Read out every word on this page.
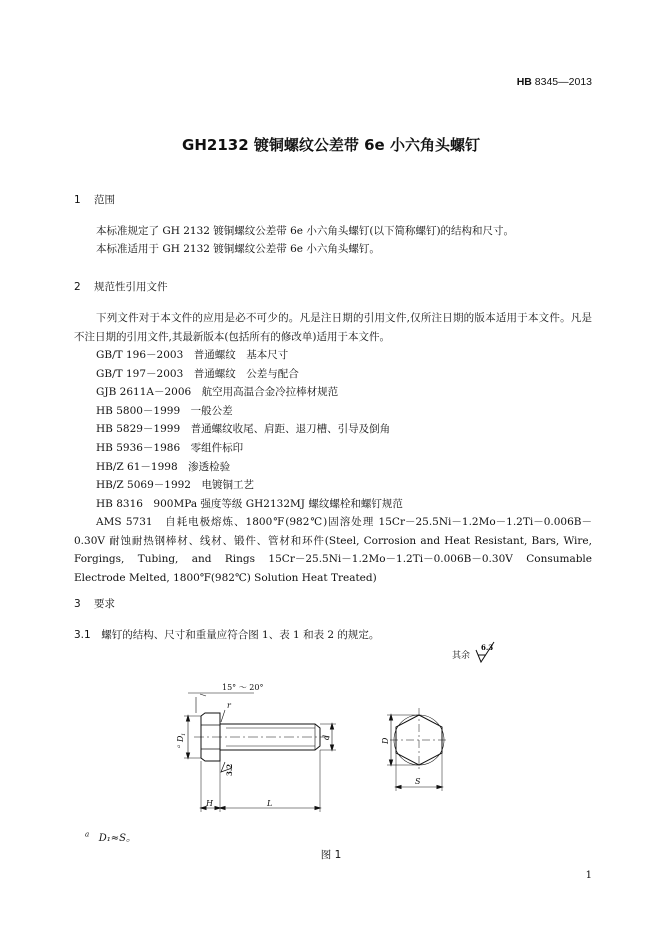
HB 8345—2013
GH2132 镀铜螺纹公差带 6e 小六角头螺钉
1 范围
本标准规定了 GH 2132 镀铜螺纹公差带 6e 小六角头螺钉(以下简称螺钉)的结构和尺寸。
本标准适用于 GH 2132 镀铜螺纹公差带 6e 小六角头螺钉。
2 规范性引用文件
下列文件对于本文件的应用是必不可少的。凡是注日期的引用文件,仅所注日期的版本适用于本文件。凡是不注日期的引用文件,其最新版本(包括所有的修改单)适用于本文件。
GB/T 196－2003　普通螺纹　基本尺寸
GB/T 197－2003　普通螺纹　公差与配合
GJB 2611A－2006　航空用高温合金冷拉棒材规范
HB 5800－1999　一般公差
HB 5829－1999　普通螺纹收尾、肩距、退刀槽、引导及倒角
HB 5936－1986　零组件标印
HB/Z 61－1998　渗透检验
HB/Z 5069－1992　电镀铜工艺
HB 8316　900MPa 强度等级 GH2132MJ 螺纹螺栓和螺钉规范
AMS 5731　自耗电极熔炼、1800℉(982℃)固溶处理 15Cr－25.5Ni－1.2Mo－1.2Ti－0.006B－0.30V 耐蚀耐热钢棒材、线材、锻件、管材和环件(Steel, Corrosion and Heat Resistant, Bars, Wire, Forgings, Tubing, and Rings 15Cr－25.5Ni－1.2Mo－1.2Ti－0.006B－0.30V Consumable Electrode Melted, 1800℉(982℃) Solution Heat Treated)
3 要求
3.1　 螺钉的结构、尺寸和重量应符合图 1、表 1 和表 2 的规定。
其余
6.3
15° ～ 20°
r
D
a
1
d
3.2
H	L
D
S
$^a$ D₁≈S。
图 1
1
